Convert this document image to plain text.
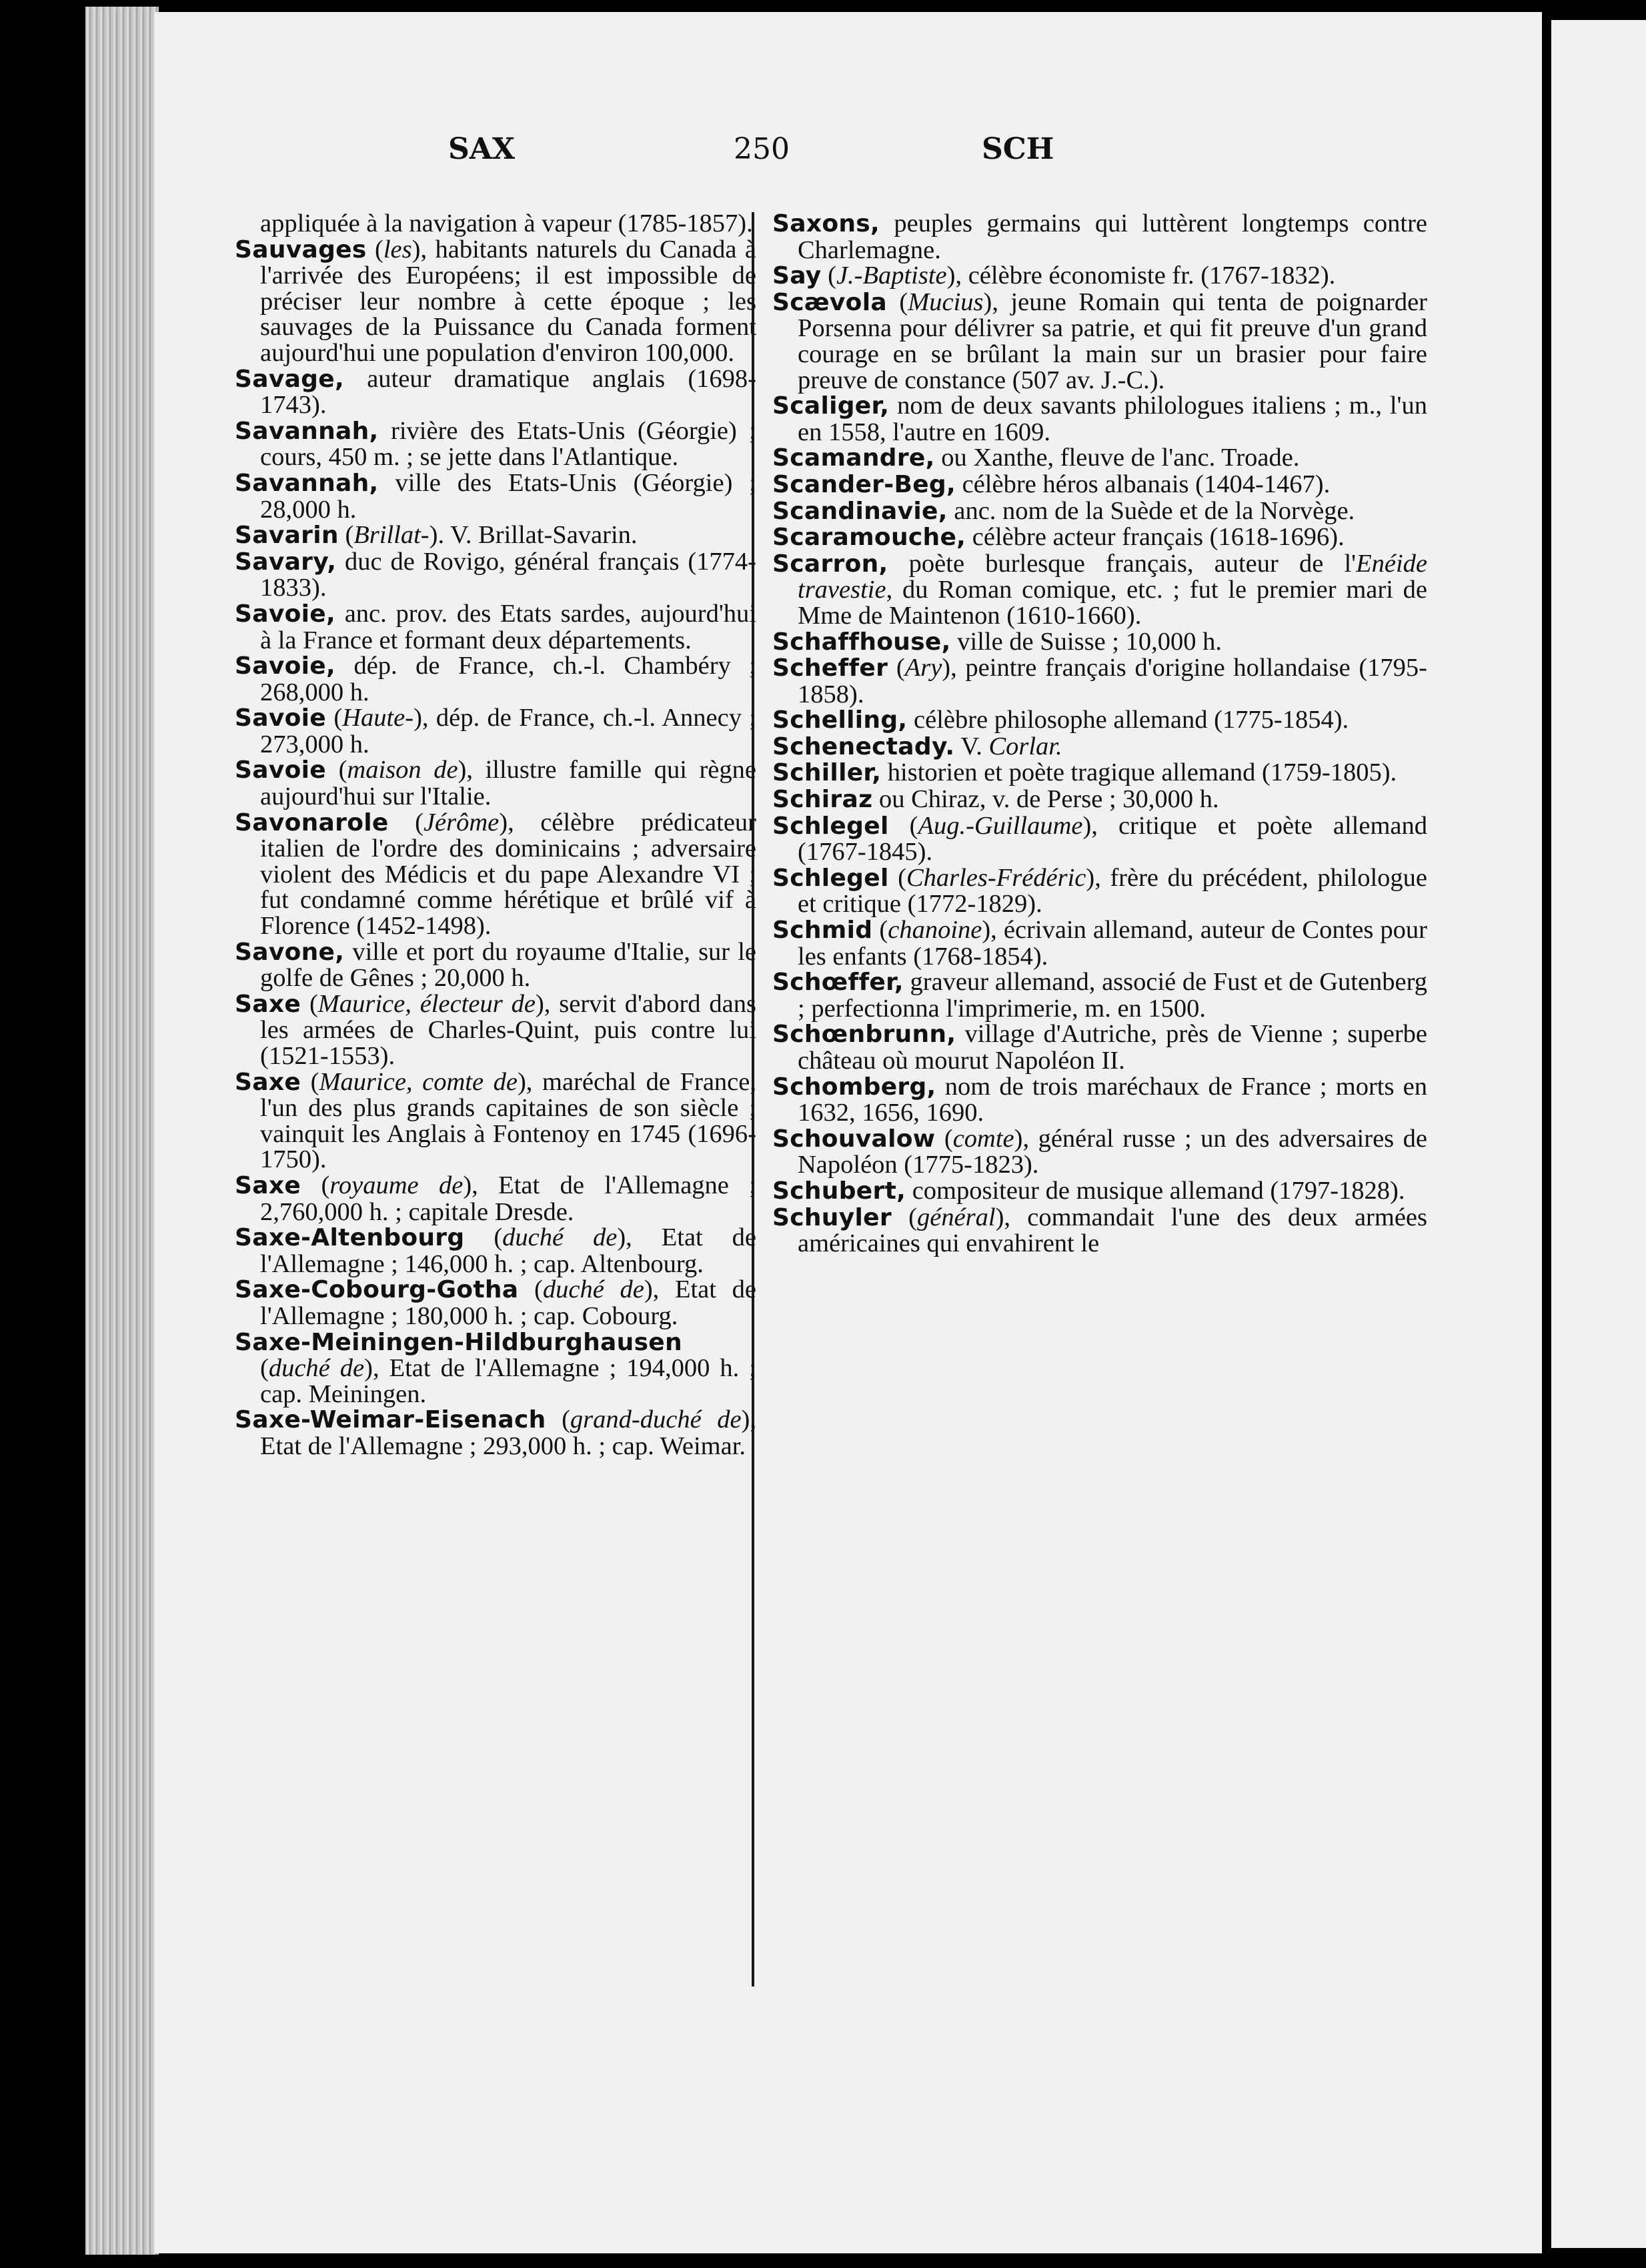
SAX	250	SCH

appliquée à la navigation à vapeur (1785-1857).

Sauvages (les), habitants naturels du Canada à l'arrivée des Européens; il est impossible de préciser leur nombre à cette époque ; les sauvages de la Puissance du Canada forment aujourd'hui une population d'environ 100,000.

Savage, auteur dramatique anglais (1698-1743).

Savannah, rivière des Etats-Unis (Géorgie) ; cours, 450 m. ; se jette dans l'Atlantique.

Savannah, ville des Etats-Unis (Géorgie) ; 28,000 h.

Savarin (Brillat-). V. Brillat-Savarin.

Savary, duc de Rovigo, général français (1774-1833).

Savoie, anc. prov. des Etats sardes, aujourd'hui à la France et formant deux départements.

Savoie, dép. de France, ch.-l. Chambéry ; 268,000 h.

Savoie (Haute-), dép. de France, ch.-l. Annecy ; 273,000 h.

Savoie (maison de), illustre famille qui règne aujourd'hui sur l'Italie.

Savonarole (Jérôme), célèbre prédicateur italien de l'ordre des dominicains ; adversaire violent des Médicis et du pape Alexandre VI ; fut condamné comme hérétique et brûlé vif à Florence (1452-1498).

Savone, ville et port du royaume d'Italie, sur le golfe de Gênes ; 20,000 h.

Saxe (Maurice, électeur de), servit d'abord dans les armées de Charles-Quint, puis contre lui (1521-1553).

Saxe (Maurice, comte de), maréchal de France, l'un des plus grands capitaines de son siècle ; vainquit les Anglais à Fontenoy en 1745 (1696-1750).

Saxe (royaume de), Etat de l'Allemagne ; 2,760,000 h. ; capitale Dresde.

Saxe-Altenbourg (duché de), Etat de l'Allemagne ; 146,000 h. ; cap. Altenbourg.

Saxe-Cobourg-Gotha (duché de), Etat de l'Allemagne ; 180,000 h. ; cap. Cobourg.

Saxe-Meiningen-Hildburghausen (duché de), Etat de l'Allemagne ; 194,000 h. ; cap. Meiningen.

Saxe-Weimar-Eisenach (grand-duché de), Etat de l'Allemagne ; 293,000 h. ; cap. Weimar.

Saxons, peuples germains qui luttèrent longtemps contre Charlemagne.

Say (J.-Baptiste), célèbre économiste fr. (1767-1832).

Scævola (Mucius), jeune Romain qui tenta de poignarder Porsenna pour délivrer sa patrie, et qui fit preuve d'un grand courage en se brûlant la main sur un brasier pour faire preuve de constance (507 av. J.-C.).

Scaliger, nom de deux savants philologues italiens ; m., l'un en 1558, l'autre en 1609.

Scamandre, ou Xanthe, fleuve de l'anc. Troade.

Scander-Beg, célèbre héros albanais (1404-1467).

Scandinavie, anc. nom de la Suède et de la Norvège.

Scaramouche, célèbre acteur français (1618-1696).

Scarron, poète burlesque français, auteur de l'Enéide travestie, du Roman comique, etc. ; fut le premier mari de Mme de Maintenon (1610-1660).

Schaffhouse, ville de Suisse ; 10,000 h.

Scheffer (Ary), peintre français d'origine hollandaise (1795-1858).

Schelling, célèbre philosophe allemand (1775-1854).

Schenectady. V. Corlar.

Schiller, historien et poète tragique allemand (1759-1805).

Schiraz ou Chiraz, v. de Perse ; 30,000 h.

Schlegel (Aug.-Guillaume), critique et poète allemand (1767-1845).

Schlegel (Charles-Frédéric), frère du précédent, philologue et critique (1772-1829).

Schmid (chanoine), écrivain allemand, auteur de Contes pour les enfants (1768-1854).

Schœffer, graveur allemand, associé de Fust et de Gutenberg ; perfectionna l'imprimerie, m. en 1500.

Schœnbrunn, village d'Autriche, près de Vienne ; superbe château où mourut Napoléon II.

Schomberg, nom de trois maréchaux de France ; morts en 1632, 1656, 1690.

Schouvalow (comte), général russe ; un des adversaires de Napoléon (1775-1823).

Schubert, compositeur de musique allemand (1797-1828).

Schuyler (général), commandait l'une des deux armées américaines qui envahirent le
